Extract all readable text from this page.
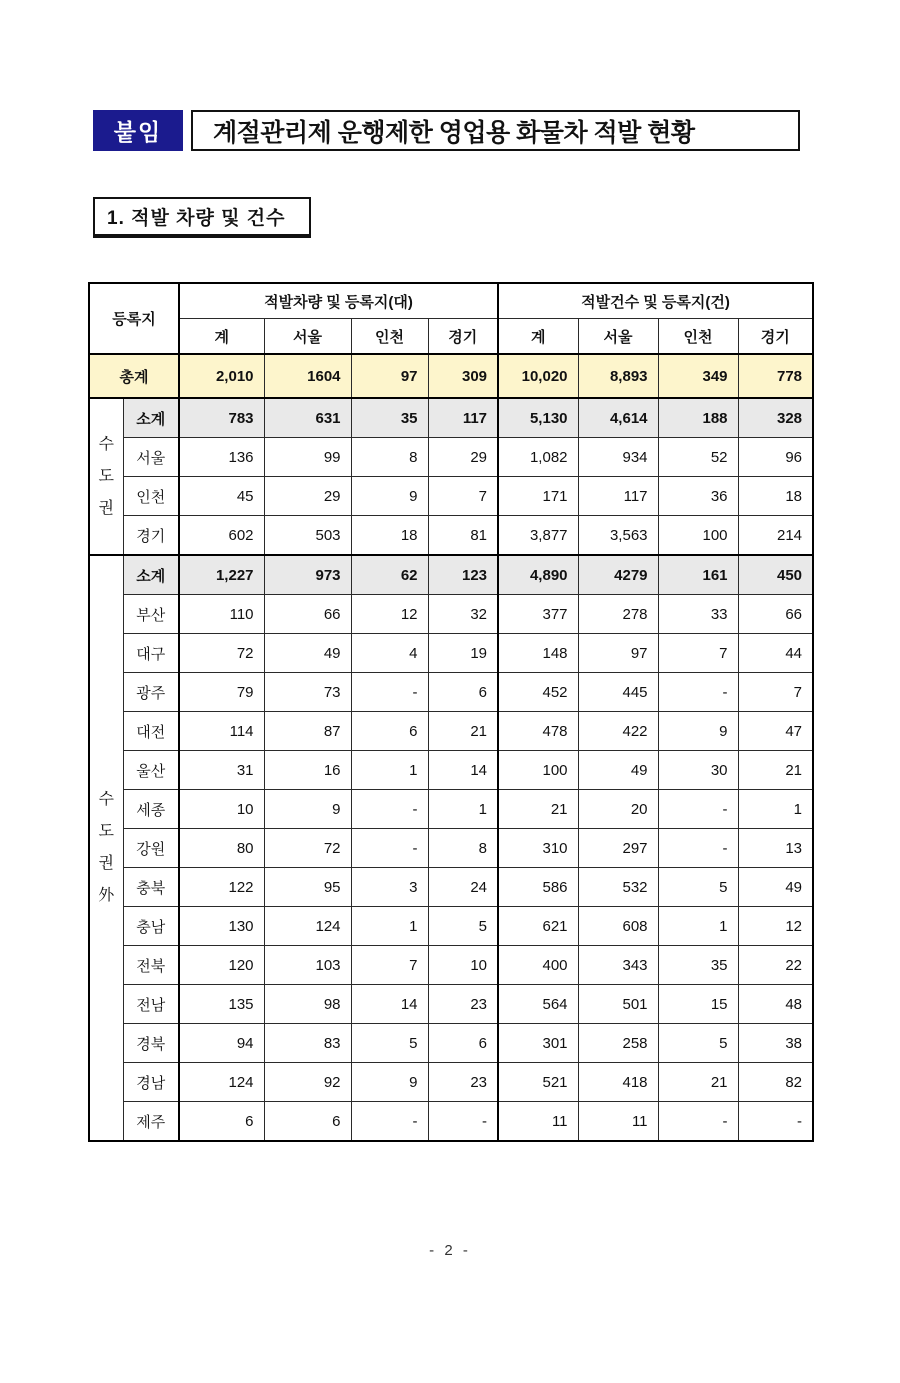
붙임 계절관리제 운행제한 영업용 화물차 적발 현황
1. 적발 차량 및 건수
등록지		적발차량 및 등록지(대)				적발건수 및 등록지(건)			
		계	서울	인천	경기	계	서울	인천	경기
총계		2,010	1604	97	309	10,020	8,893	349	778

수
도
권	소계	783	631	35	117	5,130	4,614	188	328
	서울	136	99	8	29	1,082	934	52	96
	인천	45	29	9	7	171	117	36	18
	경기	602	503	18	81	3,877	3,563	100	214

수
도
권
外	소계	1,227	973	62	123	4,890	4279	161	450
	부산	110	66	12	32	377	278	33	66
	대구	72	49	4	19	148	97	7	44
	광주	79	73	-	6	452	445	-	7
	대전	114	87	6	21	478	422	9	47
	울산	31	16	1	14	100	49	30	21
	세종	10	9	-	1	21	20	-	1
	강원	80	72	-	8	310	297	-	13
	충북	122	95	3	24	586	532	5	49
	충남	130	124	1	5	621	608	1	12
	전북	120	103	7	10	400	343	35	22
	전남	135	98	14	23	564	501	15	48
	경북	94	83	5	6	301	258	5	38
	경남	124	92	9	23	521	418	21	82
	제주	6	6	-	-	11	11	-	-
- 2 -
